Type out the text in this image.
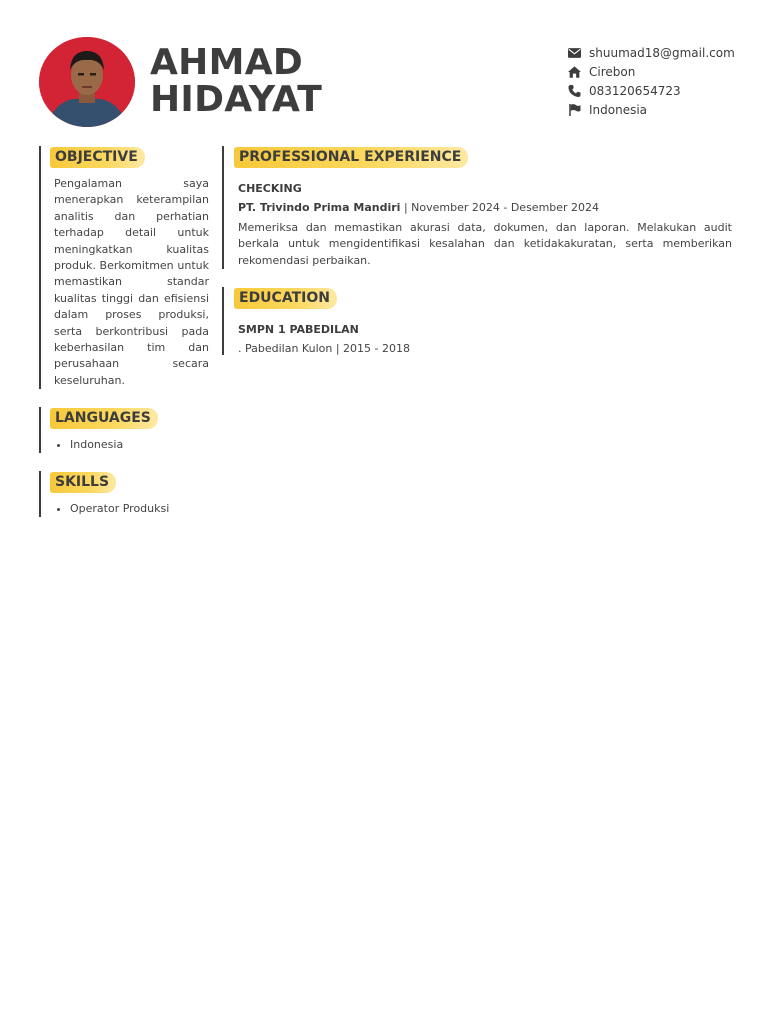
AHMAD
HIDAYAT
shuumad18@gmail.com
Cirebon
083120654723
Indonesia
OBJECTIVE

Pengalaman saya menerapkan keterampilan analitis dan perhatian terhadap detail untuk meningkatkan kualitas produk. Berkomitmen untuk memastikan standar kualitas tinggi dan efisiensi dalam proses produksi, serta berkontribusi pada keberhasilan tim dan perusahaan secara keseluruhan.

LANGUAGES
• Indonesia
SKILLS
• Operator Produksi
PROFESSIONAL EXPERIENCE
CHECKING

PT. Trivindo Prima Mandiri | November 2024 - Desember 2024

Memeriksa dan memastikan akurasi data, dokumen, dan laporan. Melakukan audit berkala untuk mengidentifikasi kesalahan dan ketidakakuratan, serta memberikan rekomendasi perbaikan.

EDUCATION
SMPN 1 PABEDILAN

. Pabedilan Kulon | 2015 - 2018
